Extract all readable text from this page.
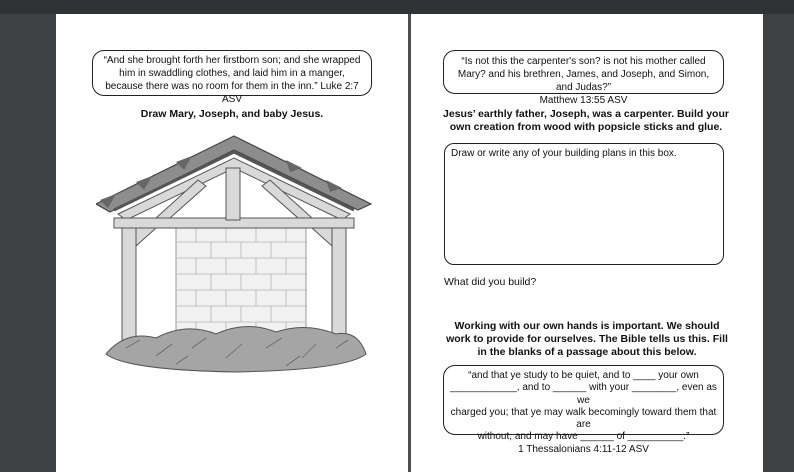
“And she brought forth her firstborn son; and she wrapped him in swaddling clothes, and laid him in a manger, because there was no room for them in the inn.” Luke 2:7 ASV
Draw Mary, Joseph, and baby Jesus.
“Is not this the carpenter's son? is not his mother called Mary? and his brethren, James, and Joseph, and Simon, and Judas?”
Matthew 13:55 ASV
Jesus’ earthly father, Joseph, was a carpenter. Build your own creation from wood with popsicle sticks and glue.
Draw or write any of your building plans in this box.
What did you build?
Working with our own hands is important. We should work to provide for ourselves. The Bible tells us this. Fill in the blanks of a passage about this below.
“and that ye study to be quiet, and to ____ your own
____________, and to ______ with your ________, even as we
charged you; that ye may walk becomingly toward them that are
without, and may have ______ of __________.”
1 Thessalonians 4:11-12 ASV
